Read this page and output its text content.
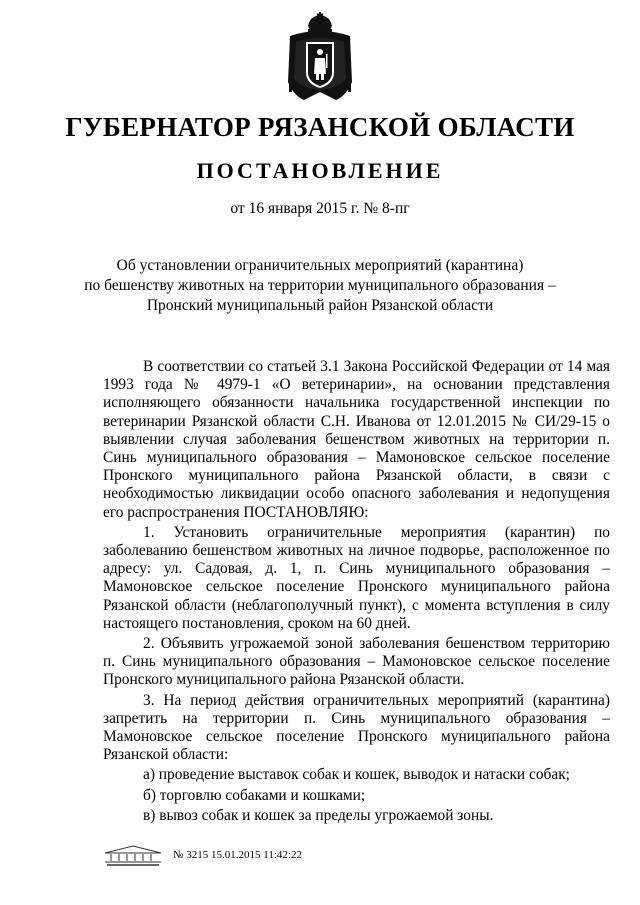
ГУБЕРНАТОР РЯЗАНСКОЙ ОБЛАСТИ
ПОСТАНОВЛЕНИЕ
от 16 января 2015 г. № 8-пг
Об установлении ограничительных мероприятий (карантина)
по бешенству животных на территории муниципального образования –
Пронский муниципальный район Рязанской области

В соответствии со статьей 3.1 Закона Российской Федерации от 14 мая 1993 года № 4979-1 «О ветеринарии», на основании представления исполняющего обязанности начальника государственной инспекции по ветеринарии Рязанской области С.Н. Иванова от 12.01.2015 № СИ/29-15 о выявлении случая заболевания бешенством животных на территории п. Синь муниципального образования – Мамоновское сельское поселение Пронского муниципального района Рязанской области, в связи с необходимостью ликвидации особо опасного заболевания и недопущения его распространения ПОСТАНОВЛЯЮ:

1. Установить ограничительные мероприятия (карантин) по заболеванию бешенством животных на личное подворье, расположенное по адресу: ул. Садовая, д. 1, п. Синь муниципального образования – Мамоновское сельское поселение Пронского муниципального района Рязанской области (неблагополучный пункт), с момента вступления в силу настоящего постановления, сроком на 60 дней.

2. Объявить угрожаемой зоной заболевания бешенством территорию п. Синь муниципального образования – Мамоновское сельское поселение Пронского муниципального района Рязанской области.

3. На период действия ограничительных мероприятий (карантина) запретить на территории п. Синь муниципального образования – Мамоновское сельское поселение Пронского муниципального района Рязанской области:

а) проведение выставок собак и кошек, выводок и натаски собак;

б) торговлю собаками и кошками;

в) вывоз собак и кошек за пределы угрожаемой зоны.

№ 3215 15.01.2015 11:42:22
